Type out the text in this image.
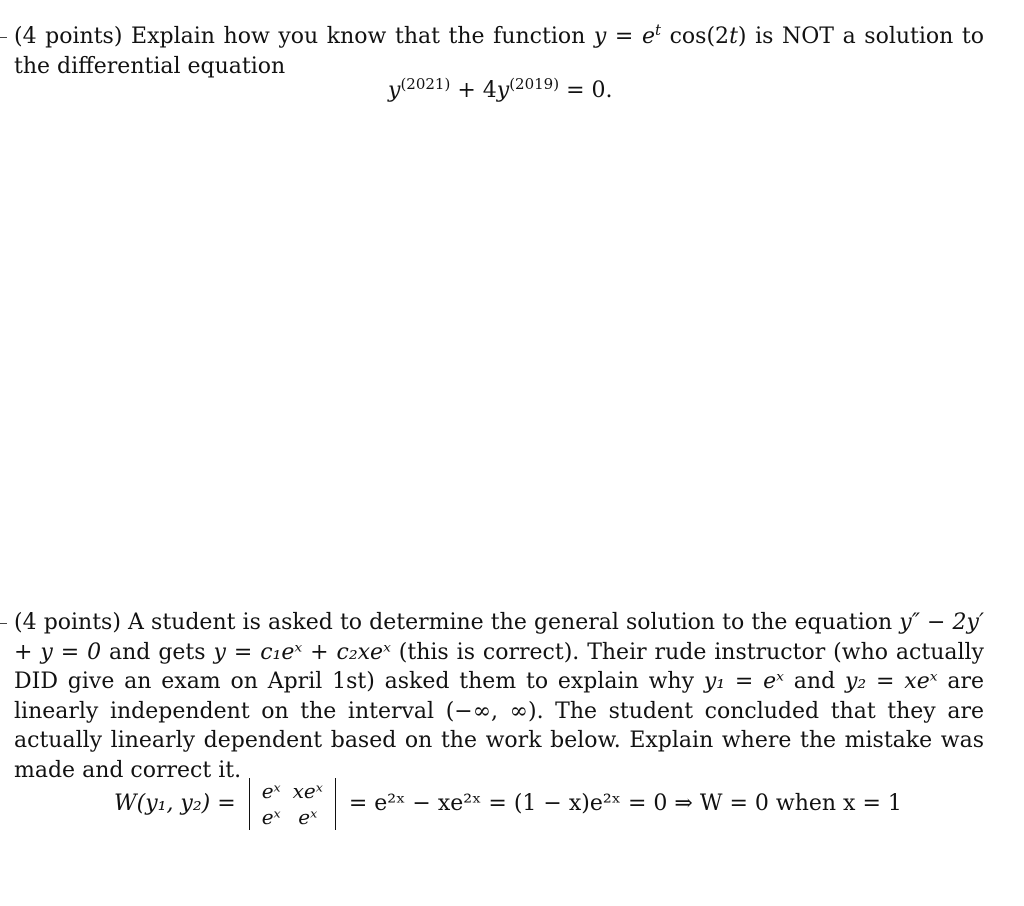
(4 points) Explain how you know that the function $y = e^t$ cos(2t) is NOT a solution to the differential equation

$y^{(2021)} + 4y^{(2019)} = 0$.

(4 points) A student is asked to determine the general solution to the equation y″ − 2y′ + y = 0 and gets y = c₁eˣ + c₂xeˣ (this is correct). Their rude instructor (who actually DID give an exam on April 1st) asked them to explain why y₁ = eˣ and y₂ = xeˣ are linearly independent on the interval (−∞, ∞). The student concluded that they are actually linearly dependent based on the work below. Explain where the mistake was made and correct it.

W(y₁, y₂) = eˣ	xeˣ
eˣ	eˣ
= e²ˣ − xe²ˣ = (1 − x)e²ˣ = 0 ⇒ W = 0 when x = 1
